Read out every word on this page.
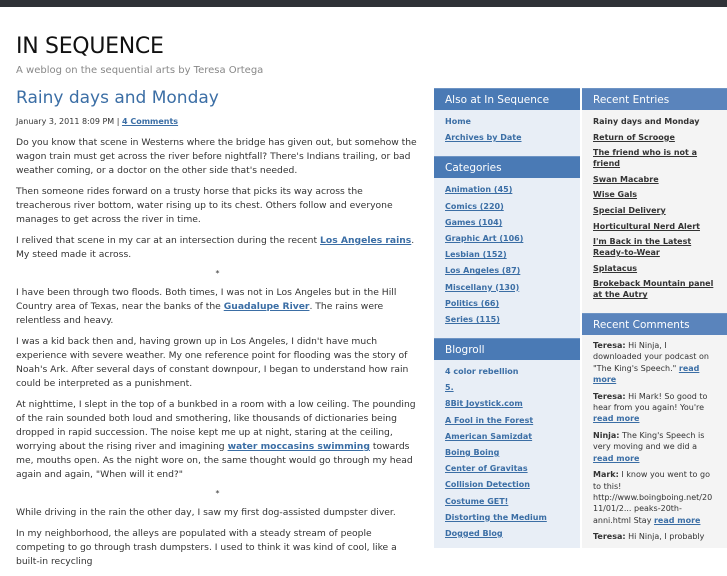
IN SEQUENCE
A weblog on the sequential arts by Teresa Ortega
Rainy days and Monday
January 3, 2011 8:09 PM | 4 Comments

Do you know that scene in Westerns where the bridge has given out, but somehow the wagon train must get across the river before nightfall? There's Indians trailing, or bad weather coming, or a doctor on the other side that's needed.

Then someone rides forward on a trusty horse that picks its way across the treacherous river bottom, water rising up to its chest. Others follow and everyone manages to get across the river in time.

I relived that scene in my car at an intersection during the recent Los Angeles rains. My steed made it across.

*

I have been through two floods. Both times, I was not in Los Angeles but in the Hill Country area of Texas, near the banks of the Guadalupe River. The rains were relentless and heavy.

I was a kid back then and, having grown up in Los Angeles, I didn't have much experience with severe weather. My one reference point for flooding was the story of Noah's Ark. After several days of constant downpour, I began to understand how rain could be interpreted as a punishment.

At nighttime, I slept in the top of a bunkbed in a room with a low ceiling. The pounding of the rain sounded both loud and smothering, like thousands of dictionaries being dropped in rapid succession. The noise kept me up at night, staring at the ceiling, worrying about the rising river and imagining water moccasins swimming towards me, mouths open. As the night wore on, the same thought would go through my head again and again, "When will it end?"

*

While driving in the rain the other day, I saw my first dog-assisted dumpster diver.

In my neighborhood, the alleys are populated with a steady stream of people competing to go through trash dumpsters. I used to think it was kind of cool, like a built-in recycling

Also at In Sequence
Home
Archives by Date
Categories
Animation (45)
Comics (220)
Games (104)
Graphic Art (106)
Lesbian (152)
Los Angeles (87)
Miscellany (130)
Politics (66)
Series (115)
Blogroll
4 color rebellion
5.
8Bit Joystick.com
A Fool in the Forest
American Samizdat
Boing Boing
Center of Gravitas
Collision Detection
Costume GET!
Distorting the Medium
Dogged Blog
Recent Entries
Rainy days and Monday
Return of Scrooge
The friend who is not a friend
Swan Macabre
Wise Gals
Special Delivery
Horticultural Nerd Alert
I'm Back in the Latest Ready-to-Wear
Splatacus
Brokeback Mountain panel at the Autry
Recent Comments
Teresa: Hi Ninja, I downloaded your podcast on "The King's Speech." read more
Teresa: Hi Mark! So good to hear from you again! You're read more
Ninja: The King's Speech is very moving and we did a read more
Mark: I know you went to go to this! http://www.boingboing.net/2011/01/2... peaks-20th-anni.html Stay read more
Teresa: Hi Ninja, I probably
